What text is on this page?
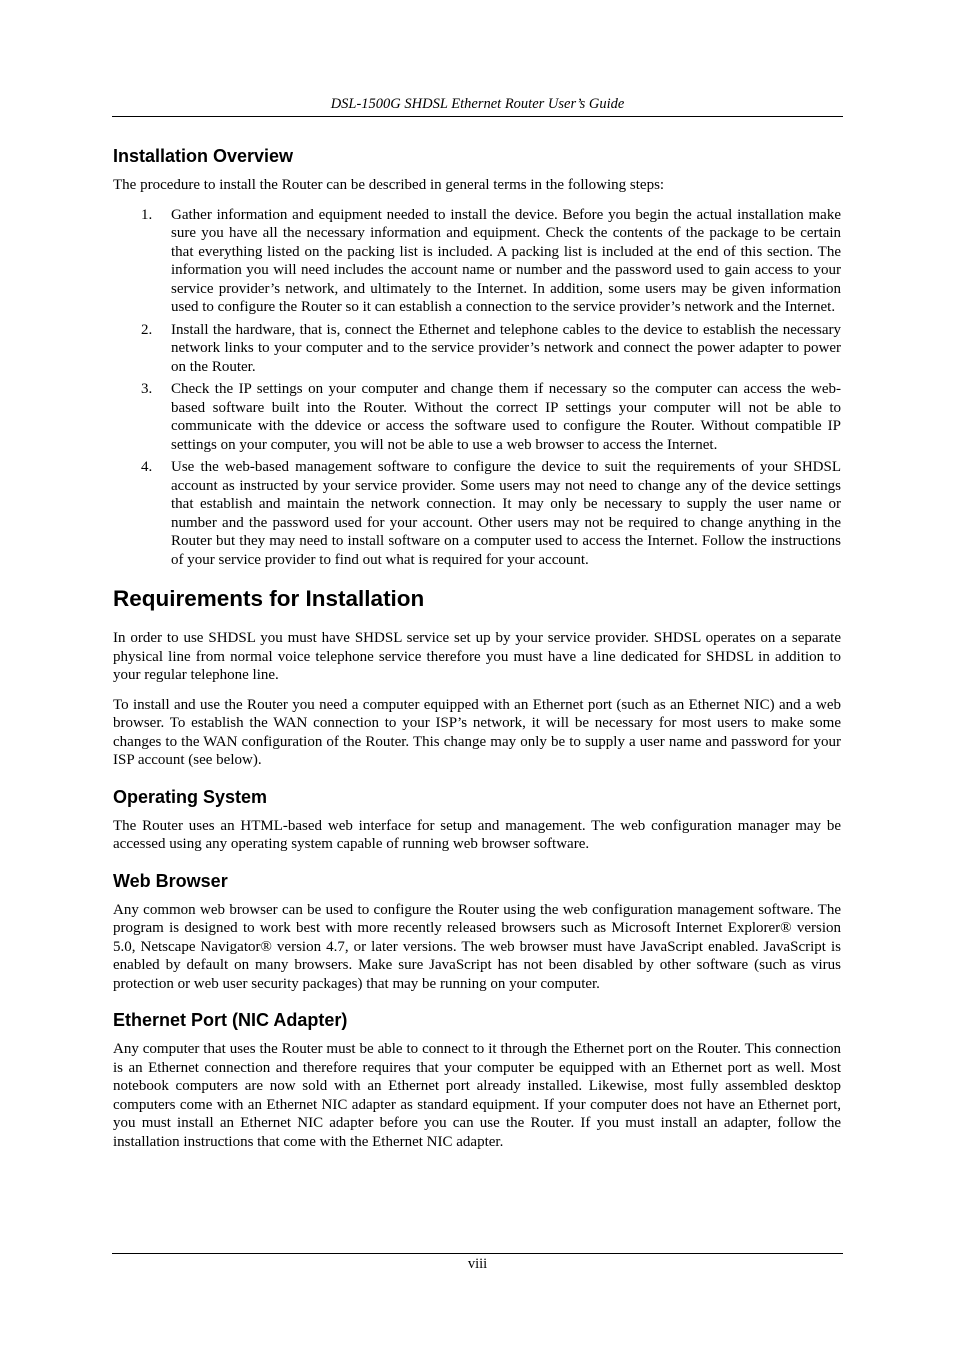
DSL-1500G SHDSL Ethernet Router User’s Guide
Installation Overview

The procedure to install the Router can be described in general terms in the following steps:

1. Gather information and equipment needed to install the device. Before you begin the actual installation make sure you have all the necessary information and equipment. Check the contents of the package to be certain that everything listed on the packing list is included. A packing list is included at the end of this section. The information you will need includes the account name or number and the password used to gain access to your service provider’s network, and ultimately to the Internet. In addition, some users may be given information used to configure the Router so it can establish a connection to the service provider’s network and the Internet.
2. Install the hardware, that is, connect the Ethernet and telephone cables to the device to establish the necessary network links to your computer and to the service provider’s network and connect the power adapter to power on the Router.
3. Check the IP settings on your computer and change them if necessary so the computer can access the web-based software built into the Router. Without the correct IP settings your computer will not be able to communicate with the ddevice or access the software used to configure the Router. Without compatible IP settings on your computer, you will not be able to use a web browser to access the Internet.
4. Use the web-based management software to configure the device to suit the requirements of your SHDSL account as instructed by your service provider. Some users may not need to change any of the device settings that establish and maintain the network connection. It may only be necessary to supply the user name or number and the password used for your account. Other users may not be required to change anything in the Router but they may need to install software on a computer used to access the Internet. Follow the instructions of your service provider to find out what is required for your account.
Requirements for Installation

In order to use SHDSL you must have SHDSL service set up by your service provider. SHDSL operates on a separate physical line from normal voice telephone service therefore you must have a line dedicated for SHDSL in addition to your regular telephone line.

To install and use the Router you need a computer equipped with an Ethernet port (such as an Ethernet NIC) and a web browser. To establish the WAN connection to your ISP’s network, it will be necessary for most users to make some changes to the WAN configuration of the Router. This change may only be to supply a user name and password for your ISP account (see below).

Operating System

The Router uses an HTML-based web interface for setup and management. The web configuration manager may be accessed using any operating system capable of running web browser software.

Web Browser

Any common web browser can be used to configure the Router using the web configuration management software. The program is designed to work best with more recently released browsers such as Microsoft Internet Explorer® version 5.0, Netscape Navigator® version 4.7, or later versions. The web browser must have JavaScript enabled. JavaScript is enabled by default on many browsers. Make sure JavaScript has not been disabled by other software (such as virus protection or web user security packages) that may be running on your computer.

Ethernet Port (NIC Adapter)

Any computer that uses the Router must be able to connect to it through the Ethernet port on the Router. This connection is an Ethernet connection and therefore requires that your computer be equipped with an Ethernet port as well. Most notebook computers are now sold with an Ethernet port already installed. Likewise, most fully assembled desktop computers come with an Ethernet NIC adapter as standard equipment. If your computer does not have an Ethernet port, you must install an Ethernet NIC adapter before you can use the Router. If you must install an adapter, follow the installation instructions that come with the Ethernet NIC adapter.

viii
